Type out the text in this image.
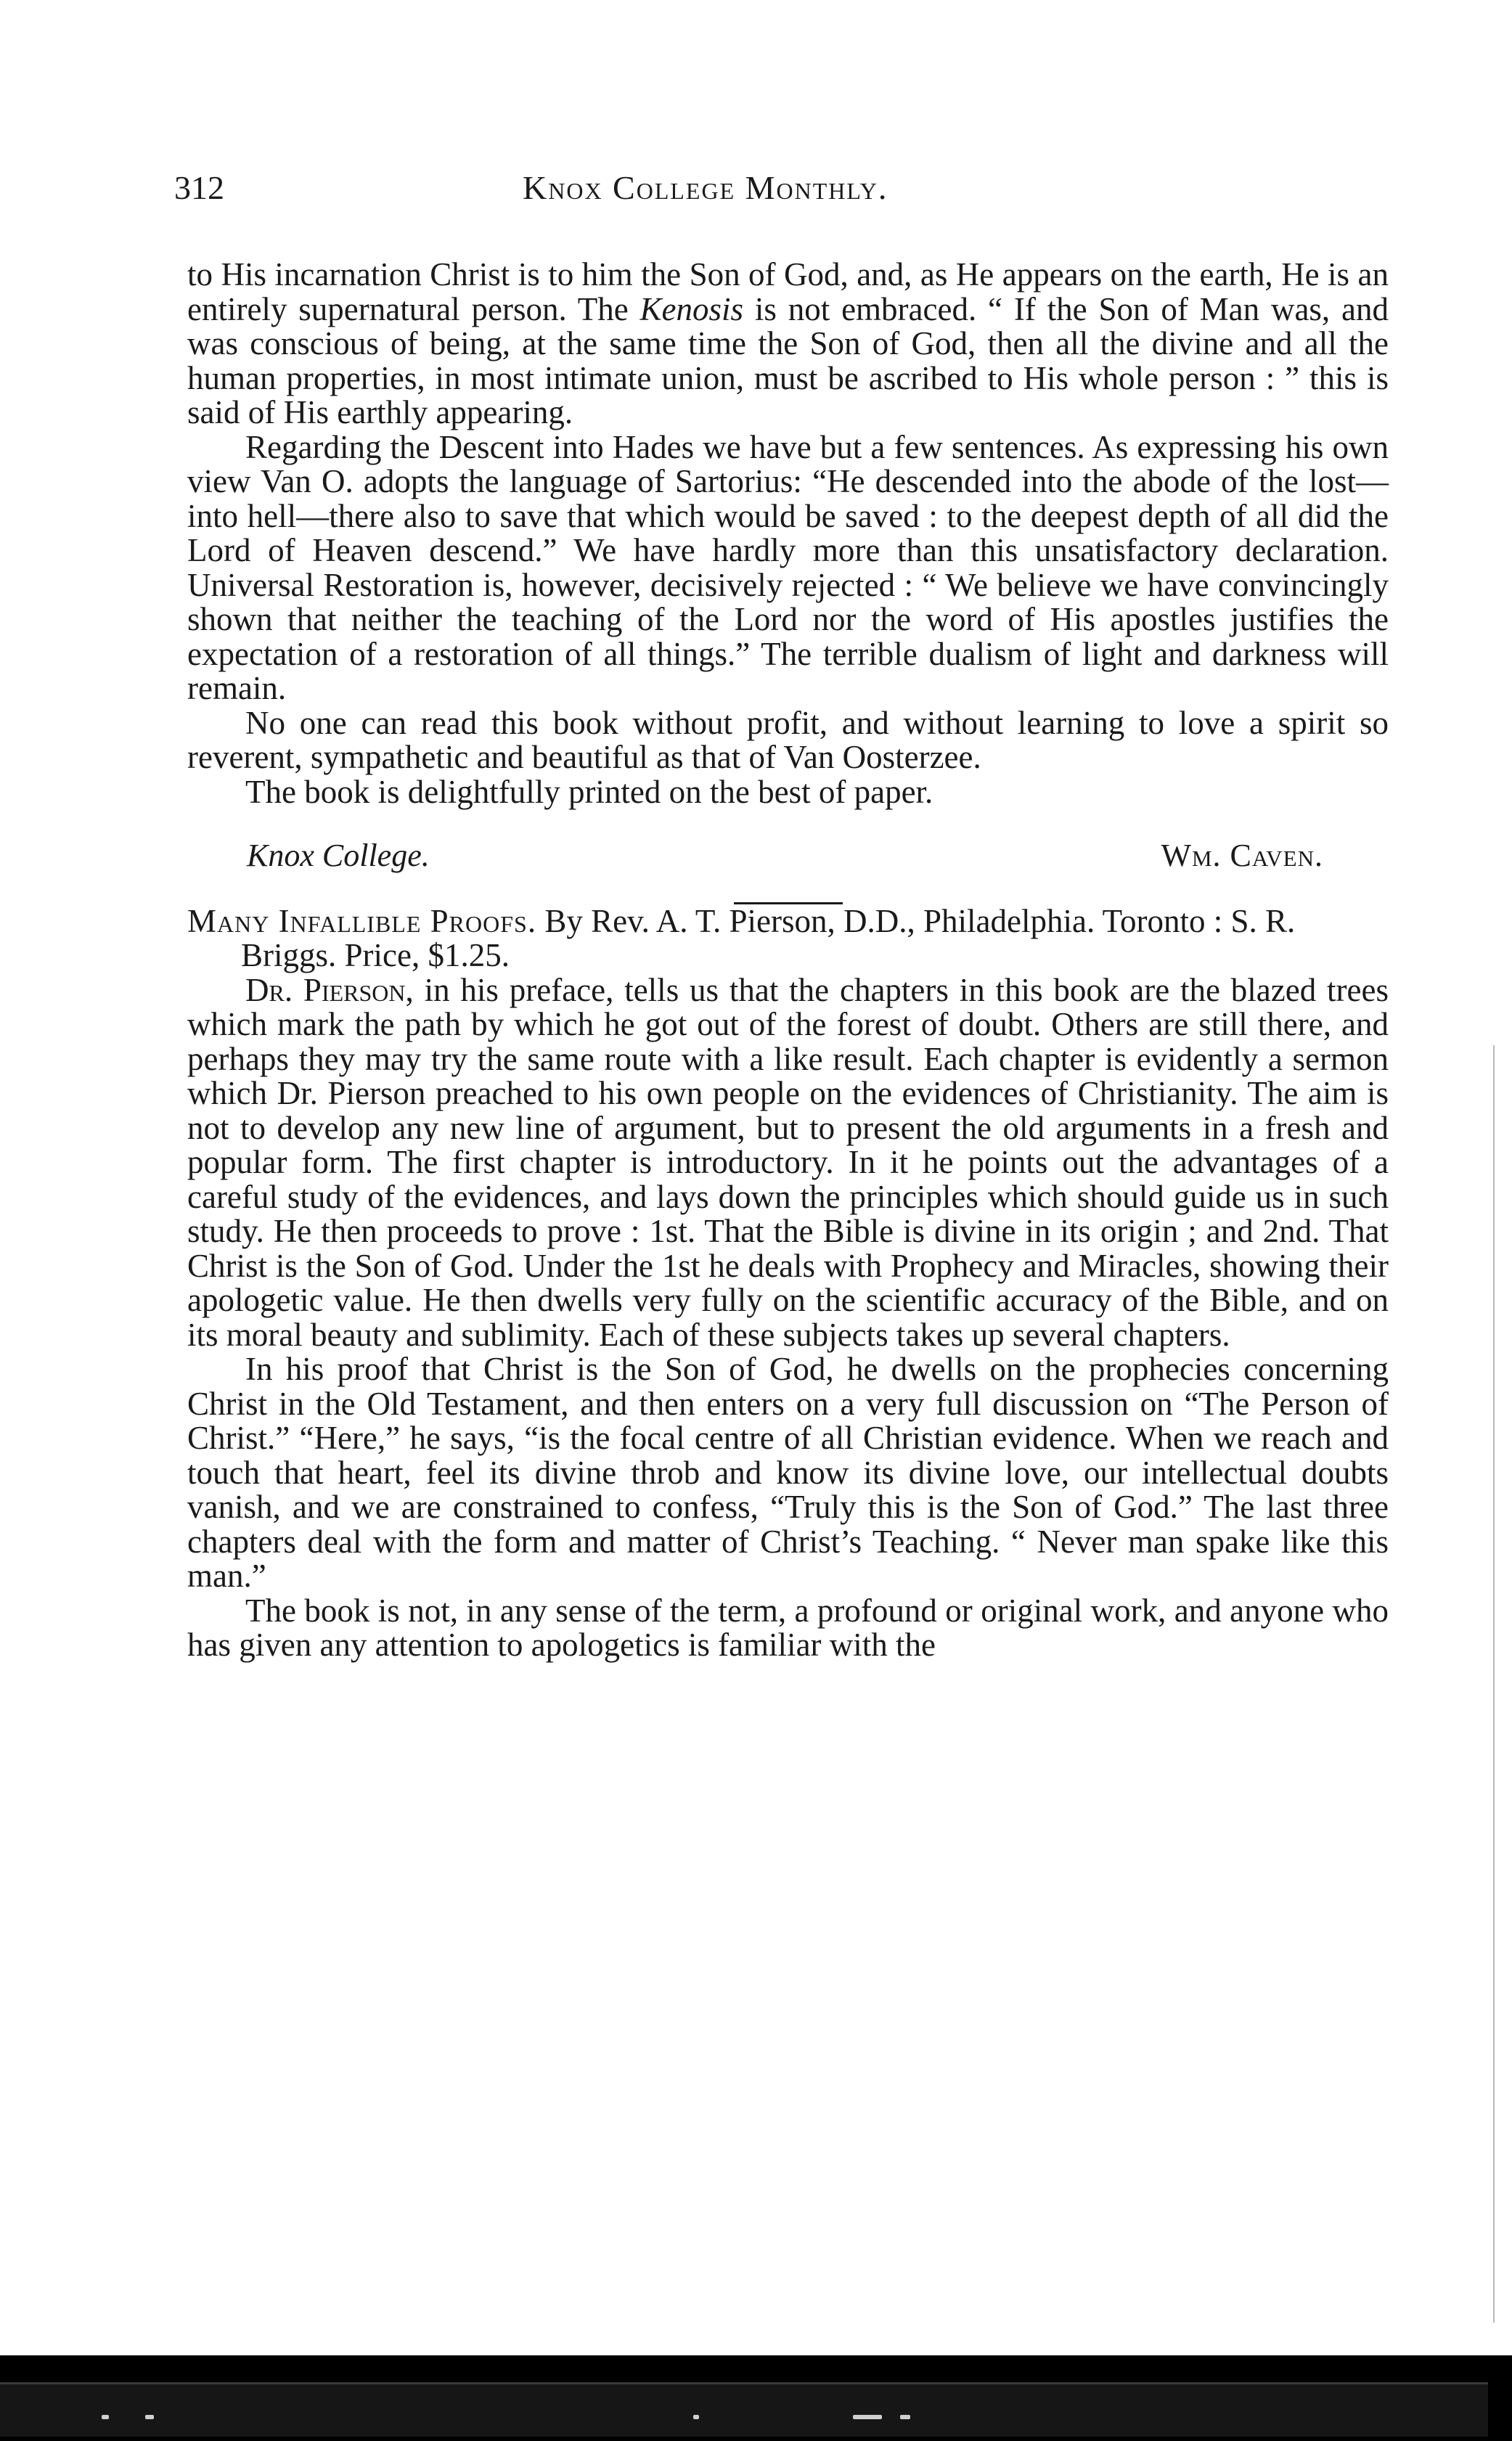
312	Knox College Monthly.

to His incarnation Christ is to him the Son of God, and, as He appears on the earth, He is an entirely supernatural person. The Kenosis is not embraced. “ If the Son of Man was, and was conscious of being, at the same time the Son of God, then all the divine and all the human properties, in most intimate union, must be ascribed to His whole person : ” this is said of His earthly appearing.

Regarding the Descent into Hades we have but a few sentences. As expressing his own view Van O. adopts the language of Sartorius: “He descended into the abode of the lost—into hell—there also to save that which would be saved : to the deepest depth of all did the Lord of Heaven descend.” We have hardly more than this unsatisfactory declaration. Universal Restoration is, however, decisively rejected : “ We believe we have convincingly shown that neither the teaching of the Lord nor the word of His apostles justifies the expectation of a restoration of all things.” The terrible dualism of light and darkness will remain.

No one can read this book without profit, and without learning to love a spirit so reverent, sympathetic and beautiful as that of Van Oosterzee.

The book is delightfully printed on the best of paper.

Knox College.	Wm. Caven.

Many Infallible Proofs. By Rev. A. T. Pierson, D.D., Philadelphia. Toronto : S. R. Briggs. Price, $1.25.

Dr. Pierson, in his preface, tells us that the chapters in this book are the blazed trees which mark the path by which he got out of the forest of doubt. Others are still there, and perhaps they may try the same route with a like result. Each chapter is evidently a sermon which Dr. Pierson preached to his own people on the evidences of Christianity. The aim is not to develop any new line of argument, but to present the old arguments in a fresh and popular form. The first chapter is introductory. In it he points out the advantages of a careful study of the evidences, and lays down the principles which should guide us in such study. He then proceeds to prove : 1st. That the Bible is divine in its origin ; and 2nd. That Christ is the Son of God. Under the 1st he deals with Prophecy and Miracles, showing their apologetic value. He then dwells very fully on the scientific accuracy of the Bible, and on its moral beauty and sublimity. Each of these subjects takes up several chapters.

In his proof that Christ is the Son of God, he dwells on the prophecies concerning Christ in the Old Testament, and then enters on a very full discussion on “The Person of Christ.” “Here,” he says, “is the focal centre of all Christian evidence. When we reach and touch that heart, feel its divine throb and know its divine love, our intellectual doubts vanish, and we are constrained to confess, “Truly this is the Son of God.” The last three chapters deal with the form and matter of Christ’s Teaching. “ Never man spake like this man.”

The book is not, in any sense of the term, a profound or original work, and anyone who has given any attention to apologetics is familiar with the
